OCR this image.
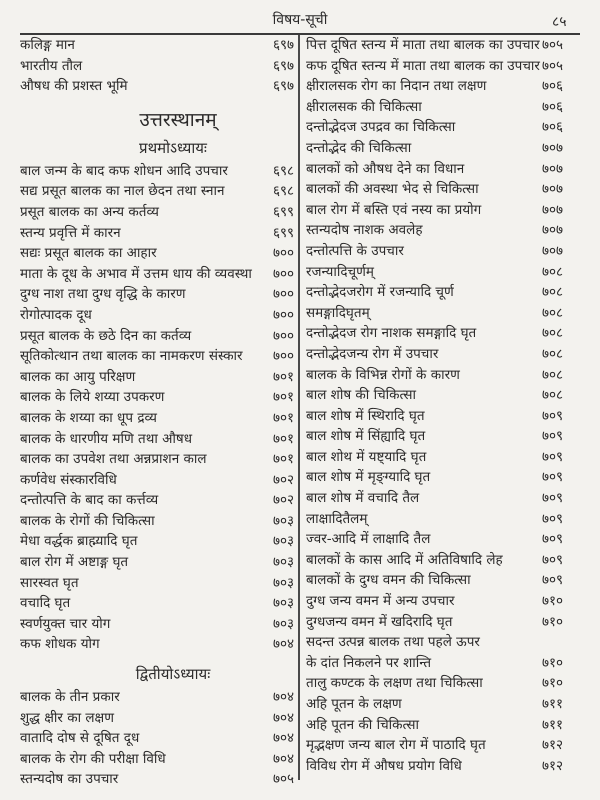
विषय-सूची	८५
कलिङ्ग मान	६९७
भारतीय तौल	६९७
औषध की प्रशस्त भूमि	६९७
उत्तरस्थानम्
प्रथमोऽध्यायः
बाल जन्म के बाद कफ शोधन आदि उपचार	६९८
सद्य प्रसूत बालक का नाल छेदन तथा स्नान	६९८
प्रसूत बालक का अन्य कर्तव्य	६९९
स्तन्य प्रवृत्ति में कारन	६९९
सद्यः प्रसूत बालक का आहार	७००
माता के दूध के अभाव में उत्तम धाय की व्यवस्था ७००
दुग्ध नाश तथा दुग्ध वृद्धि के कारण	७००
रोगोत्पादक दूध	७००
प्रसूत बालक के छठे दिन का कर्तव्य	७००
सूतिकोत्थान तथा बालक का नामकरण संस्कार ७००
बालक का आयु परिक्षण	७०१
बालक के लिये शय्या उपकरण	७०१
बालक के शय्या का धूप द्रव्य	७०१
बालक के धारणीय मणि तथा औषध	७०१
बालक का उपवेश तथा अन्नप्राशन काल	७०१
कर्णवेध संस्कारविधि	७०२
दन्तोत्पत्ति के बाद का कर्त्तव्य	७०२
बालक के रोगों की चिकित्सा	७०३
मेधा वर्द्धक ब्राह्म्यादि घृत	७०३
बाल रोग में अष्टाङ्ग घृत	७०३
सारस्वत घृत	७०३
वचादि घृत	७०३
स्वर्णयुक्त चार योग	७०३
कफ शोधक योग	७०४
द्वितीयोऽध्यायः
बालक के तीन प्रकार	७०४
शुद्ध क्षीर का लक्षण	७०४
वातादि दोष से दूषित दूध	७०४
बालक के रोग की परीक्षा विधि	७०४
स्तन्यदोष का उपचार	७०५
पित्त दूषित स्तन्य में माता तथा बालक का उपचार ७०५
कफ दूषित स्तन्य में माता तथा बालक का उपचार ७०५
क्षीरालसक रोग का निदान तथा लक्षण	७०६
क्षीरालसक की चिकित्सा	७०६
दन्तोद्भेदज उपद्रव का चिकित्सा	७०६
दन्तोद्भेद की चिकित्सा	७०७
बालकों को औषध देने का विधान	७०७
बालकों की अवस्था भेद से चिकित्सा	७०७
बाल रोग में बस्ति एवं नस्य का प्रयोग	७०७
स्तन्यदोष नाशक अवलेह	७०७
दन्तोत्पत्ति के उपचार	७०७
रजन्यादिचूर्णम्	७०८
दन्तोद्भेदजरोग में रजन्यादि चूर्ण	७०८
समङ्गादिघृतम्	७०८
दन्तोद्भेदज रोग नाशक समङ्गादि घृत	७०८
दन्तोद्भेदजन्य रोग में उपचार	७०८
बालक के विभिन्न रोगों के कारण	७०८
बाल शोष की चिकित्सा	७०८
बाल शोष में स्थिरादि घृत	७०९
बाल शोष में सिंह्यादि घृत	७०९
बाल शोथ में यष्ट्यादि घृत	७०९
बाल शोष में मृङ्ग्यादि घृत	७०९
बाल शोष में वचादि तैल	७०९
लाक्षादितैलम्	७०९
ज्वर-आदि में लाक्षादि तैल	७०९
बालकों के कास आदि में अतिविषादि लेह	७०९
बालकों के दुग्ध वमन की चिकित्सा	७०९
दुग्ध जन्य वमन में अन्य उपचार	७१०
दुग्धजन्य वमन में खदिरादि घृत	७१०
सदन्त उत्पन्न बालक तथा पहले ऊपर
के दांत निकलने पर शान्ति	७१०
तालु कण्टक के लक्षण तथा चिकित्सा	७१०
अहि पूतन के लक्षण	७११
अहि पूतन की चिकित्सा	७११
मृद्भक्षण जन्य बाल रोग में पाठादि घृत	७१२
विविध रोग में औषध प्रयोग विधि	७१२
